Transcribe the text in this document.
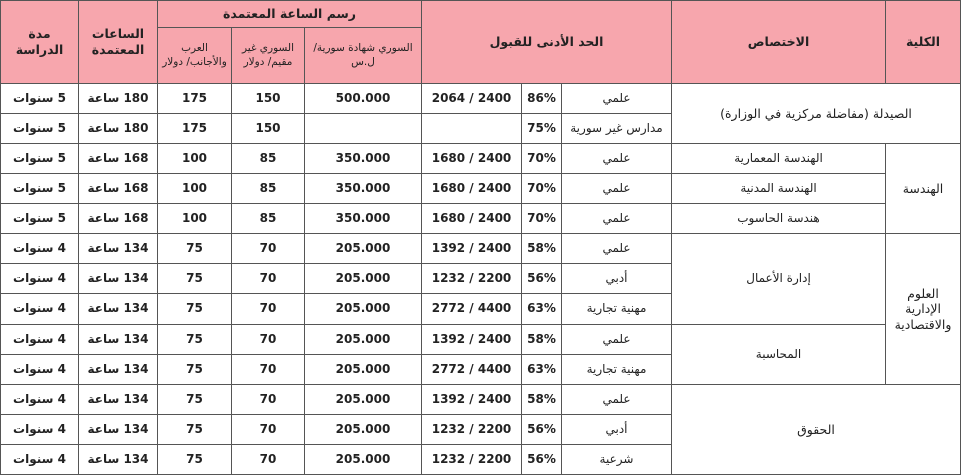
الكلية	الاختصاص	الحد الأدنى للقبول			رسم الساعة المعتمدة			الساعات المعتمدة	مدة الدراسة
					السوري شهادة سورية/ ل.س	السوري غير مقيم/ دولار	العرب والأجانب/ دولار		
الصيدلة (مفاضلة مركزية في الوزارة)		علمي	86%	2400 / 2064	500.000	150	175	180 ساعة	5 سنوات
		مدارس غير سورية	75%			150	175	180 ساعة	5 سنوات
الهندسة	الهندسة المعمارية	علمي	70%	2400 / 1680	350.000	85	100	168 ساعة	5 سنوات
	الهندسة المدنية	علمي	70%	2400 / 1680	350.000	85	100	168 ساعة	5 سنوات
	هندسة الحاسوب	علمي	70%	2400 / 1680	350.000	85	100	168 ساعة	5 سنوات
العلوم الإدارية والاقتصادية	إدارة الأعمال	علمي	58%	2400 / 1392	205.000	70	75	134 ساعة	4 سنوات
		أدبي	56%	2200 / 1232	205.000	70	75	134 ساعة	4 سنوات
		مهنية تجارية	63%	4400 / 2772	205.000	70	75	134 ساعة	4 سنوات
	المحاسبة	علمي	58%	2400 / 1392	205.000	70	75	134 ساعة	4 سنوات
		مهنية تجارية	63%	4400 / 2772	205.000	70	75	134 ساعة	4 سنوات
الحقوق		علمي	58%	2400 / 1392	205.000	70	75	134 ساعة	4 سنوات
		أدبي	56%	2200 / 1232	205.000	70	75	134 ساعة	4 سنوات
		شرعية	56%	2200 / 1232	205.000	70	75	134 ساعة	4 سنوات
